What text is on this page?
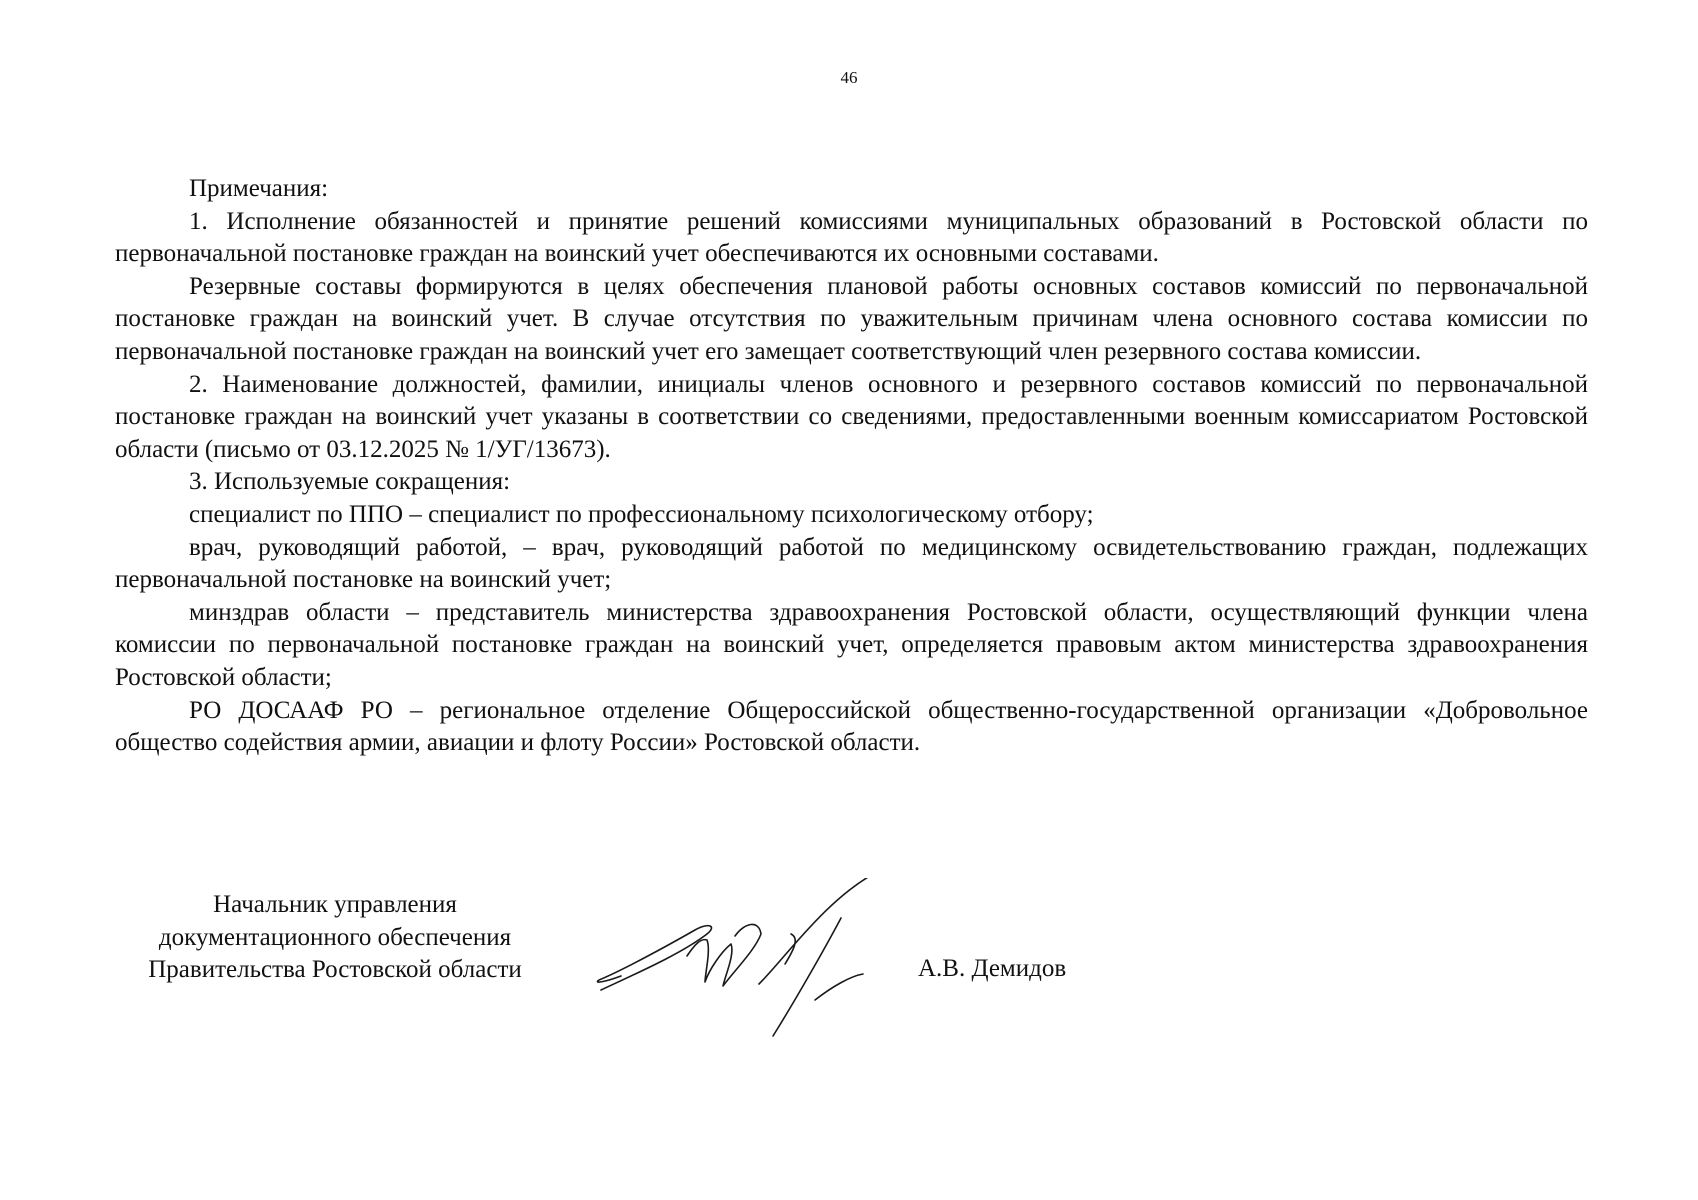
46

Примечания:

1. Исполнение обязанностей и принятие решений комиссиями муниципальных образований в Ростовской области по первоначальной постановке граждан на воинский учет обеспечиваются их основными составами.

Резервные составы формируются в целях обеспечения плановой работы основных составов комиссий по первоначальной постановке граждан на воинский учет. В случае отсутствия по уважительным причинам члена основного состава комиссии по первоначальной постановке граждан на воинский учет его замещает соответствующий член резервного состава комиссии.

2. Наименование должностей, фамилии, инициалы членов основного и резервного составов комиссий по первоначальной постановке граждан на воинский учет указаны в соответствии со сведениями, предоставленными военным комиссариатом Ростовской области (письмо от 03.12.2025 № 1/УГ/13673).

3. Используемые сокращения:

специалист по ППО – специалист по профессиональному психологическому отбору;

врач, руководящий работой, – врач, руководящий работой по медицинскому освидетельствованию граждан, подлежащих первоначальной постановке на воинский учет;

минздрав области – представитель министерства здравоохранения Ростовской области, осуществляющий функции члена комиссии по первоначальной постановке граждан на воинский учет, определяется правовым актом министерства здравоохранения Ростовской области;

РО ДОСААФ РО – региональное отделение Общероссийской общественно-государственной организации «Добровольное общество содействия армии, авиации и флоту России» Ростовской области.

Начальник управления
документационного обеспечения
Правительства Ростовской области	А.В. Демидов
